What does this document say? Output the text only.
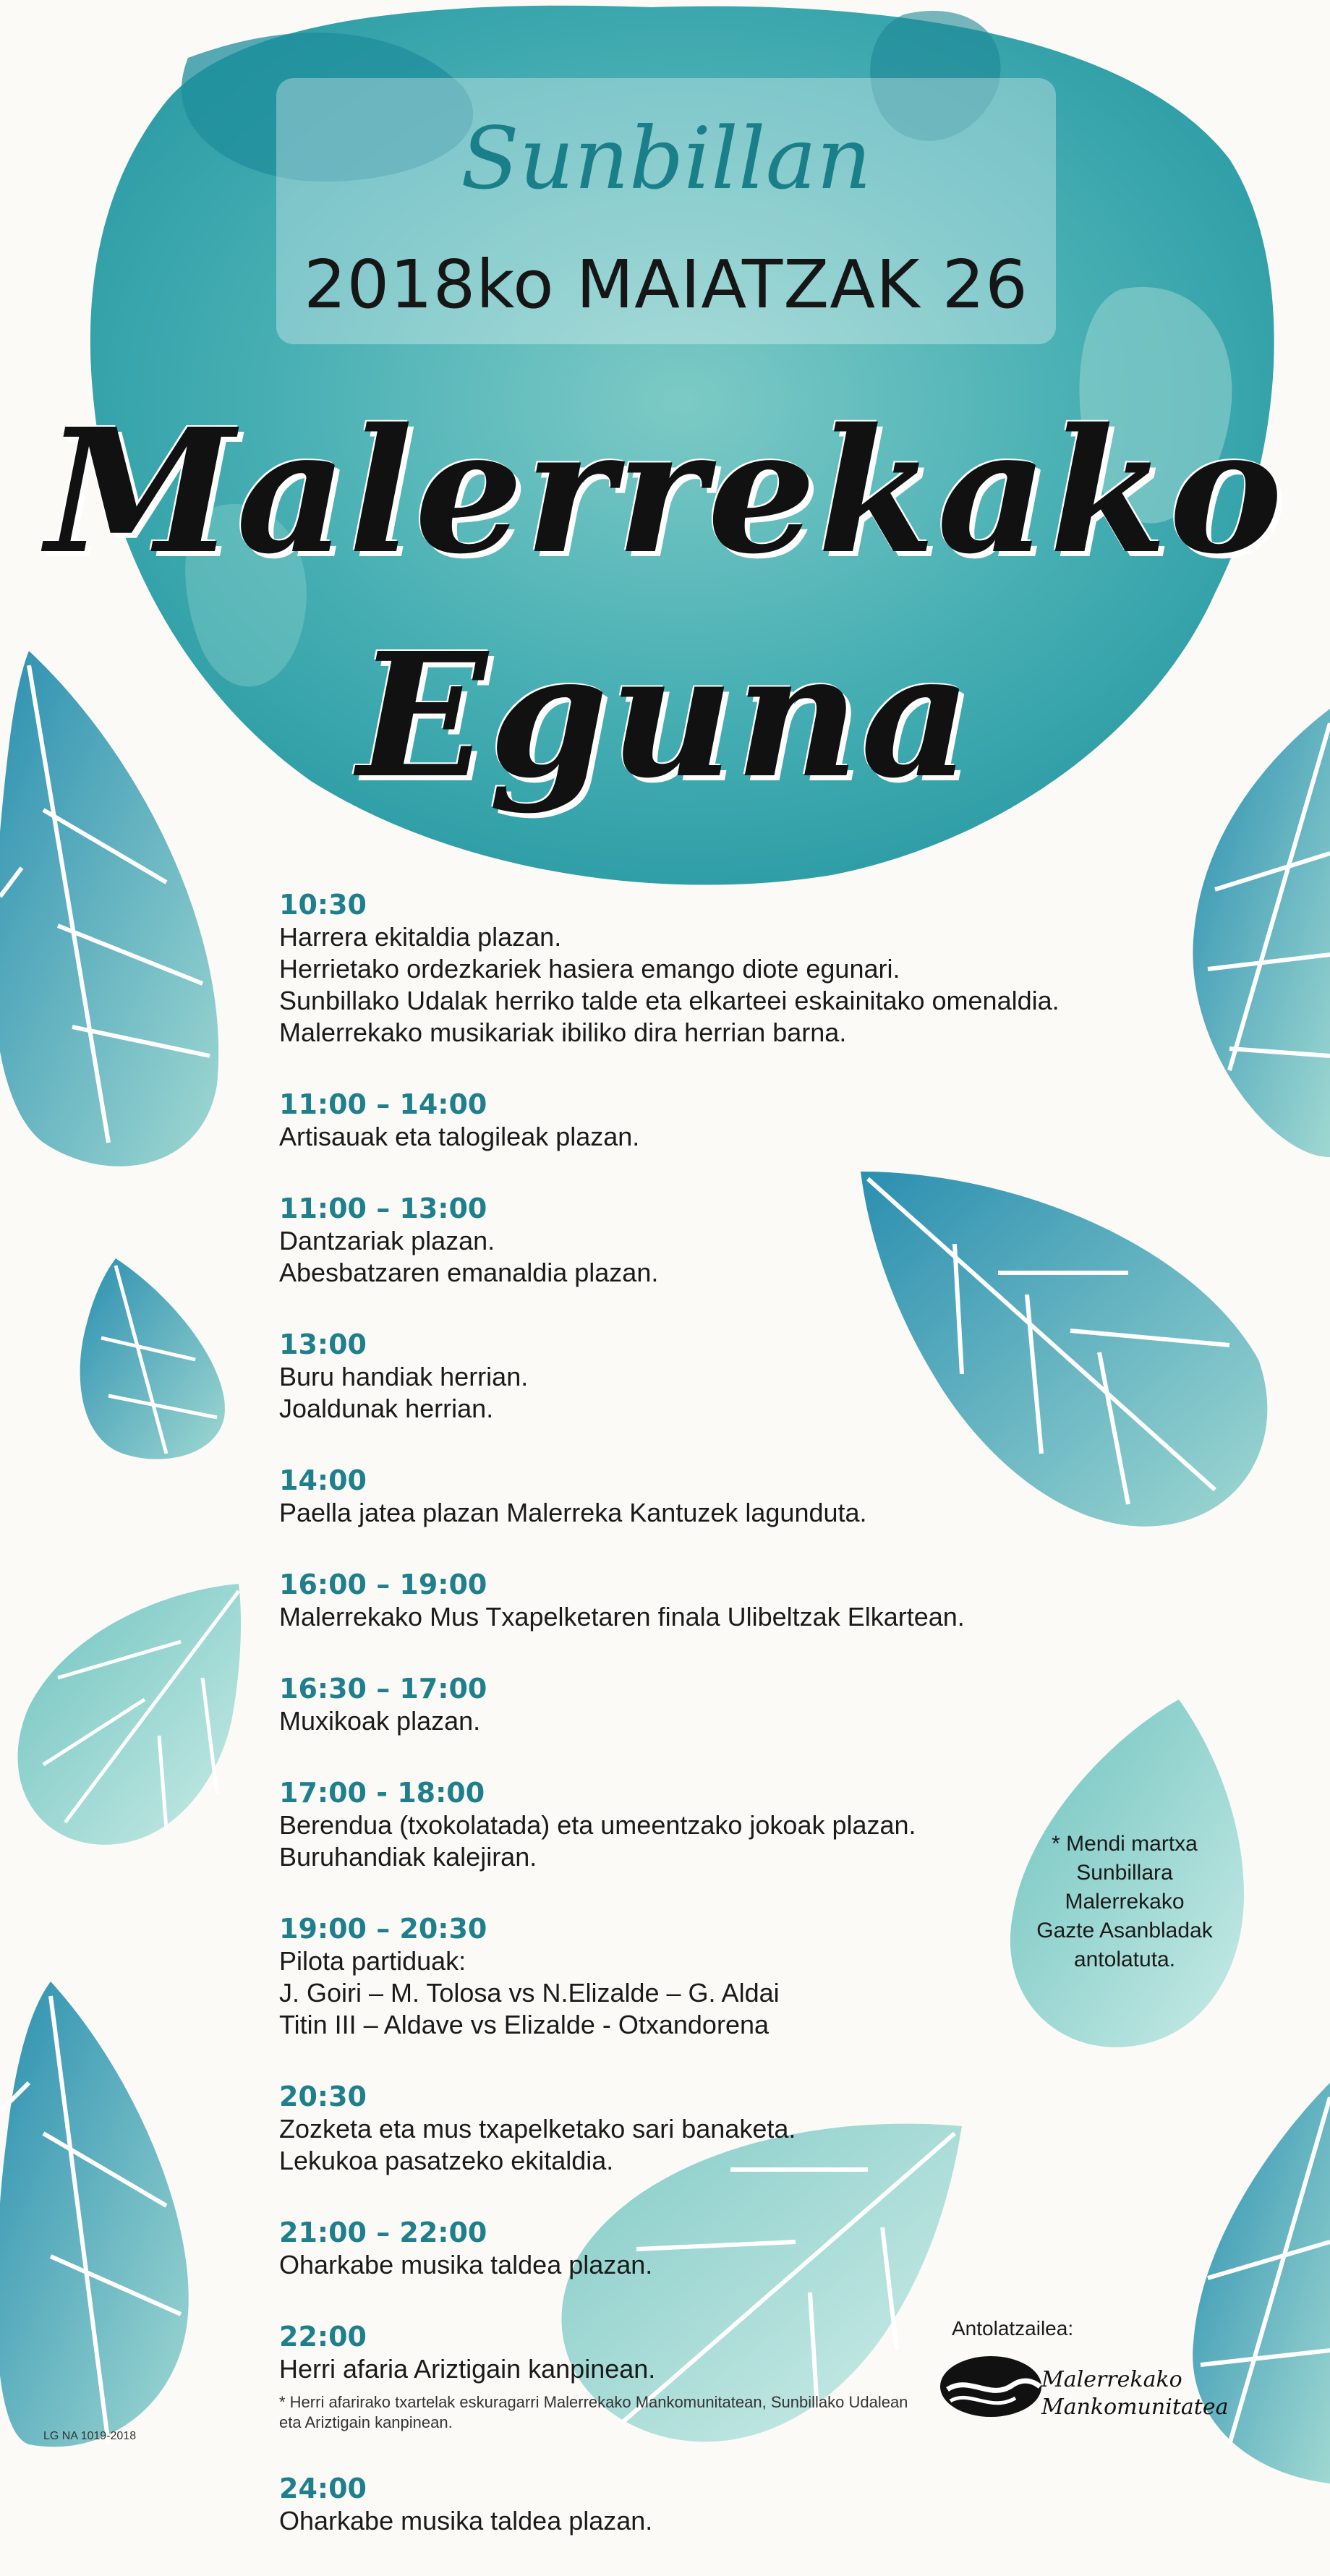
Sunbillan
2018ko MAIATZAK 26
Malerrekako
Eguna
10:30
Harrera ekitaldia plazan.
Herrietako ordezkariek hasiera emango diote egunari.
Sunbillako Udalak herriko talde eta elkarteei eskainitako omenaldia.
Malerrekako musikariak ibiliko dira herrian barna.
11:00 – 14:00
Artisauak eta talogileak plazan.
11:00 – 13:00
Dantzariak plazan.
Abesbatzaren emanaldia plazan.
13:00
Buru handiak herrian.
Joaldunak herrian.
14:00
Paella jatea plazan Malerreka Kantuzek lagunduta.
16:00 – 19:00
Malerrekako Mus Txapelketaren finala Ulibeltzak Elkartean.
16:30 – 17:00
Muxikoak plazan.
17:00 - 18:00
Berendua (txokolatada) eta umeentzako jokoak plazan.
Buruhandiak kalejiran.
19:00 – 20:30
Pilota partiduak:
J. Goiri – M. Tolosa vs N.Elizalde – G. Aldai
Titin III – Aldave vs Elizalde - Otxandorena
20:30
Zozketa eta mus txapelketako sari banaketa.
Lekukoa pasatzeko ekitaldia.
21:00 – 22:00
Oharkabe musika taldea plazan.
22:00
Herri afaria Ariztigain kanpinean.
* Herri afarirako txartelak eskuragarri Malerrekako Mankomunitatean, Sunbillako Udalean eta Ariztigain kanpinean.
24:00
Oharkabe musika taldea plazan.
* Mendi martxa
Sunbillara
Malerrekako
Gazte Asanbladak
antolatuta.
Antolatzailea:
Malerrekako
Mankomunitatea
LG NA 1019-2018
